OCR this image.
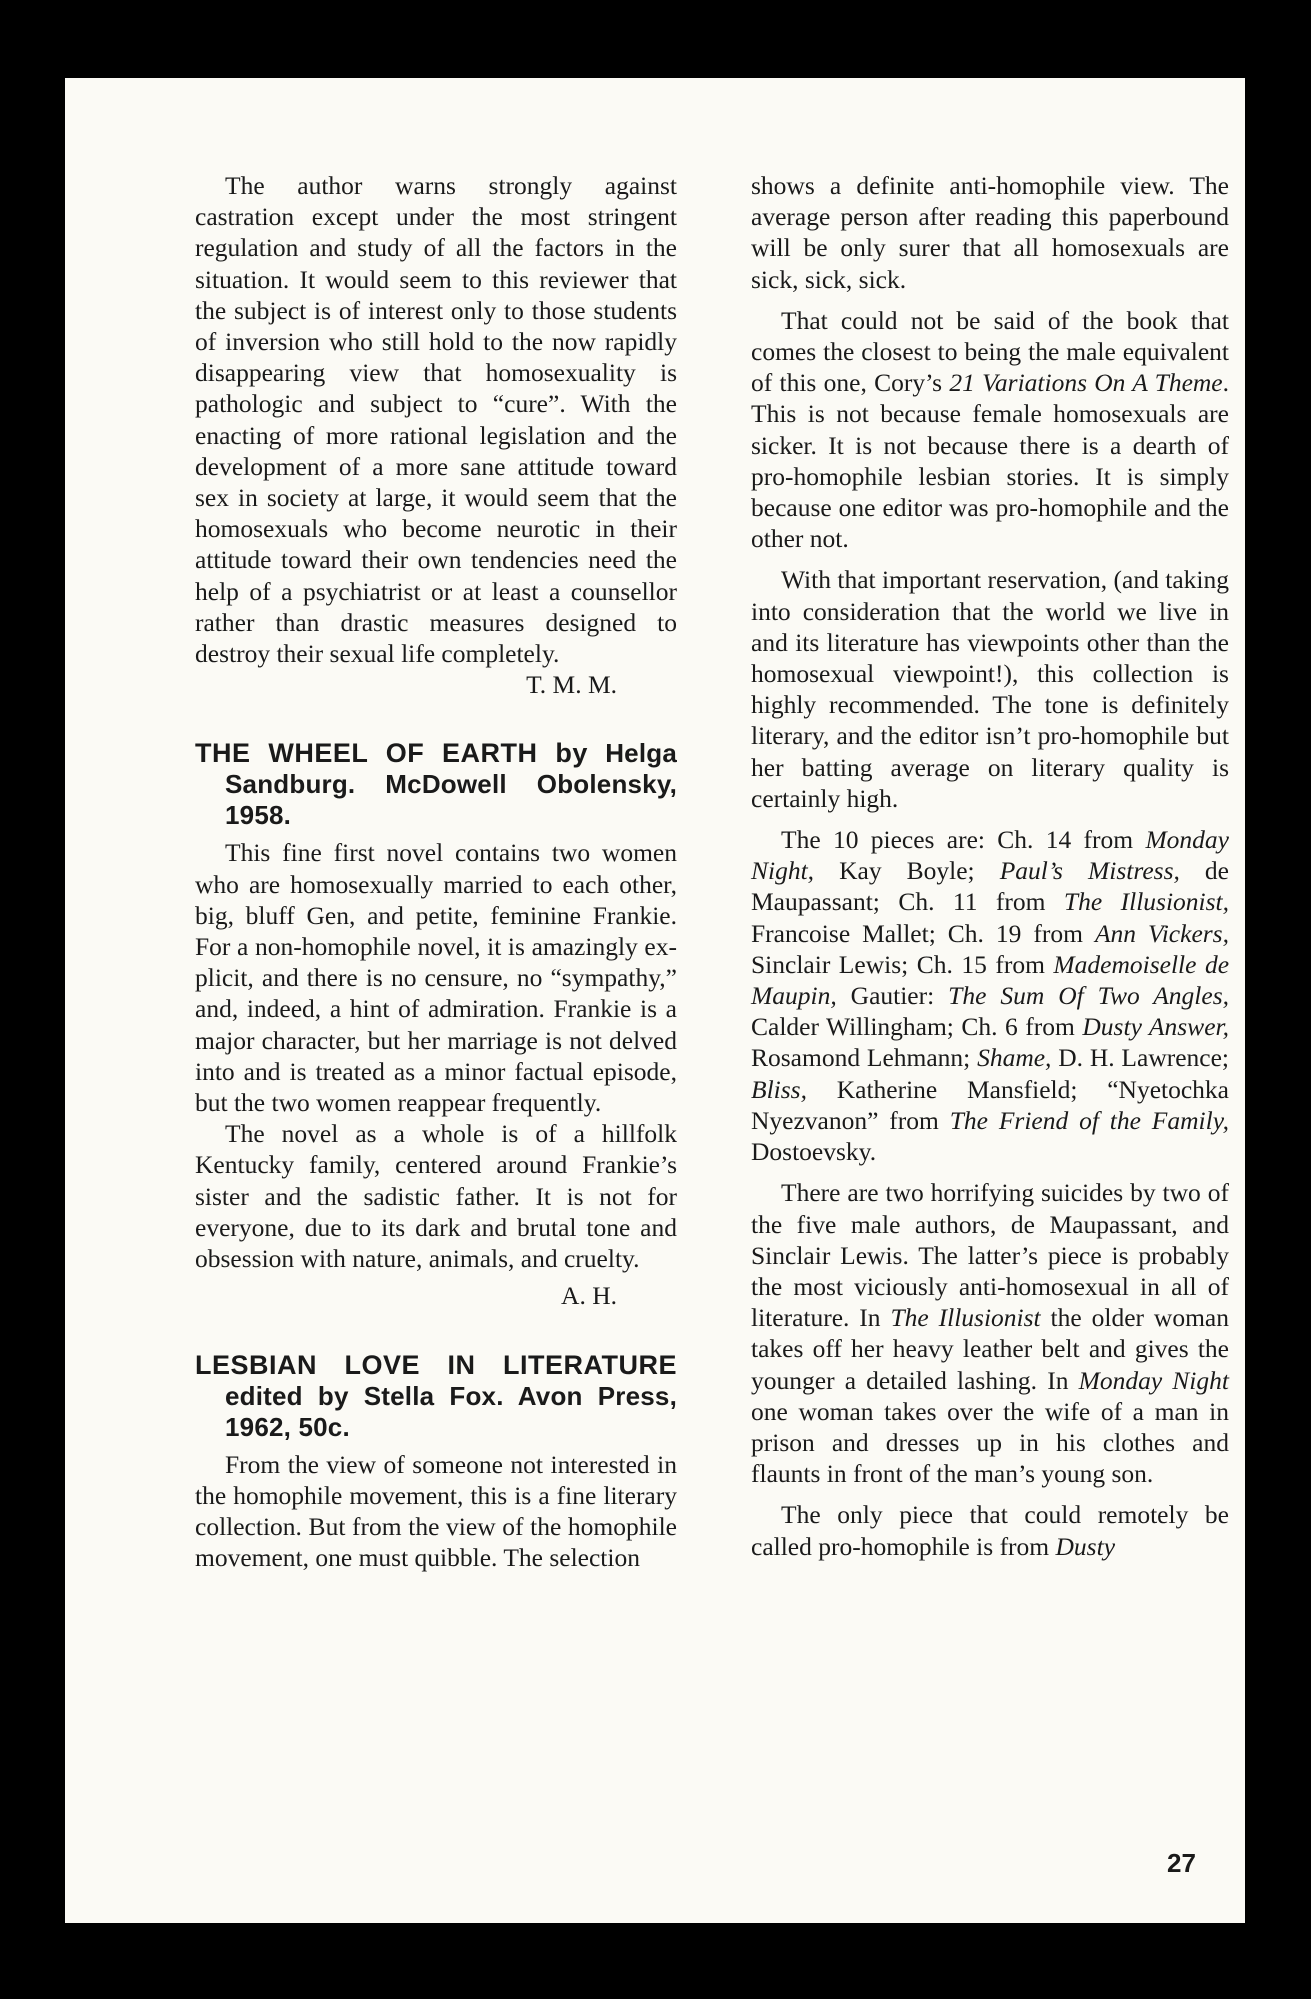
The author warns strongly against castration except under the most stringent regulation and study of all the factors in the situation. It would seem to this reviewer that the subject is of interest only to those students of inversion who still hold to the now rapidly disappearing view that homosexuality is pathologic and subject to “cure”. With the enacting of more rational legislation and the development of a more sane attitude toward sex in society at large, it would seem that the homosexuals who become neurotic in their attitude toward their own tendencies need the help of a psychiatrist or at least a counsellor rather than drastic measures designed to destroy their sexual life completely.

T. M. M.

THE WHEEL OF EARTH by Helga Sandburg. McDowell Obolensky, 1958.

This fine first novel contains two women who are homosexually married to each other, big, bluff Gen, and petite, feminine Frankie. For a non-homophile novel, it is amazingly explicit, and there is no censure, no “sympathy,” and, indeed, a hint of admiration. Frankie is a major character, but her marriage is not delved into and is treated as a minor factual episode, but the two women reappear frequently.

The novel as a whole is of a hillfolk Kentucky family, centered around Frankie’s sister and the sadistic father. It is not for everyone, due to its dark and brutal tone and obsession with nature, animals, and cruelty.

A. H.

LESBIAN LOVE IN LITERATURE edited by Stella Fox. Avon Press, 1962, 50c.

From the view of someone not interested in the homophile movement, this is a fine literary collection. But from the view of the homophile movement, one must quibble. The selection

shows a definite anti-homophile view. The average person after reading this paperbound will be only surer that all homosexuals are sick, sick, sick.

That could not be said of the book that comes the closest to being the male equivalent of this one, Cory’s 21 Variations On A Theme. This is not because female homosexuals are sicker. It is not because there is a dearth of pro-homophile lesbian stories. It is simply because one editor was pro-homophile and the other not.

With that important reservation, (and taking into consideration that the world we live in and its literature has viewpoints other than the homosexual viewpoint!), this collection is highly recommended. The tone is definitely literary, and the editor isn’t pro-homophile but her batting average on literary quality is certainly high.

The 10 pieces are: Ch. 14 from Monday Night, Kay Boyle; Paul’s Mistress, de Maupassant; Ch. 11 from The Illusionist, Francoise Mallet; Ch. 19 from Ann Vickers, Sinclair Lewis; Ch. 15 from Mademoiselle de Maupin, Gautier: The Sum Of Two Angles, Calder Willingham; Ch. 6 from Dusty Answer, Rosamond Lehmann; Shame, D. H. Lawrence; Bliss, Katherine Mansfield; “Nyetochka Nyezvanon” from The Friend of the Family, Dostoevsky.

There are two horrifying suicides by two of the five male authors, de Maupassant, and Sinclair Lewis. The latter’s piece is probably the most viciously anti-homosexual in all of literature. In The Illusionist the older woman takes off her heavy leather belt and gives the younger a detailed lashing. In Monday Night one woman takes over the wife of a man in prison and dresses up in his clothes and flaunts in front of the man’s young son.

The only piece that could remotely be called pro-homophile is from Dusty

27
